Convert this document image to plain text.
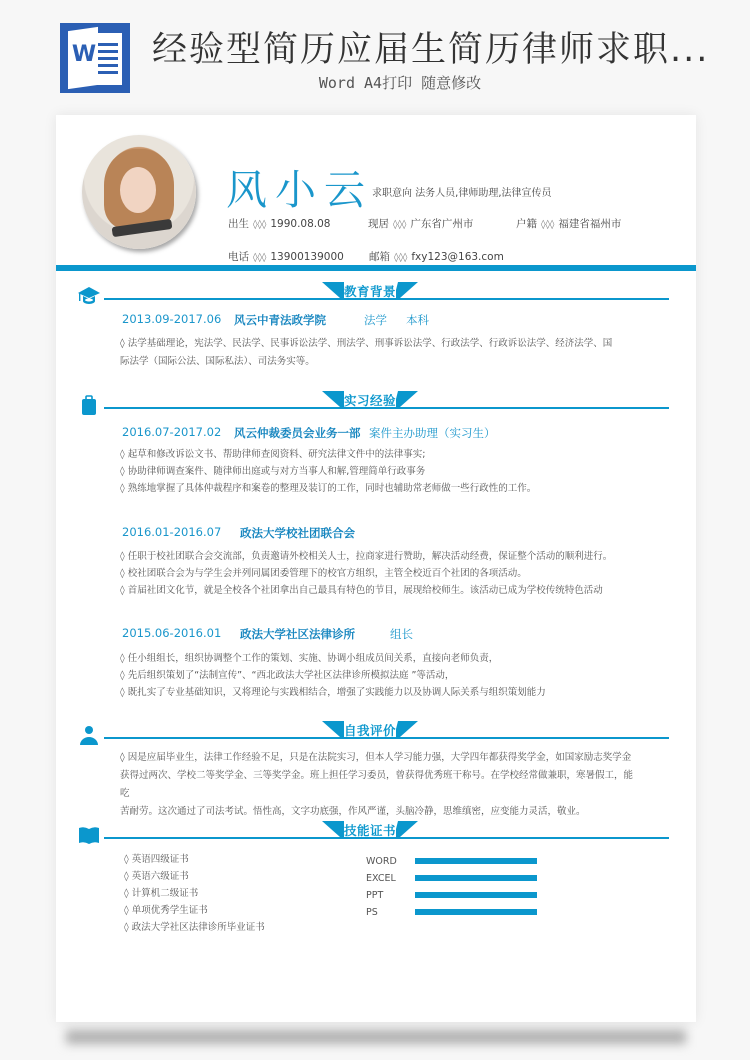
W 经验型简历应届生简历律师求职...
Word A4打印 随意修改
风小云 求职意向 法务人员,律师助理,法律宣传员
出生 ◊◊◊ 1990.08.08	现居 ◊◊◊ 广东省广州市	户籍 ◊◊◊ 福建省福州市
电话 ◊◊◊ 13900139000 邮箱 ◊◊◊ fxy123@163.com
教育背景
2013.09-2017.06 风云中青法政学院	法学 本科
◊ 法学基础理论，宪法学、民法学、民事诉讼法学、刑法学、刑事诉讼法学、行政法学、行政诉讼法学、经济法学、国
际法学（国际公法、国际私法）、司法务实等。
实习经验
2016.07-2017.02 风云仲裁委员会业务一部 案件主办助理（实习生）
◊ 起草和修改诉讼文书、帮助律师查阅资料、研究法律文件中的法律事实;
◊ 协助律师调查案件、随律师出庭或与对方当事人和解,管理简单行政事务
◊ 熟练地掌握了具体仲裁程序和案卷的整理及装订的工作，同时也辅助常老师做一些行政性的工作。
2016.01-2016.07 政法大学校社团联合会
◊ 任职于校社团联合会交流部，负责邀请外校相关人士，拉商家进行赞助，解决活动经费，保证整个活动的顺利进行。
◊ 校社团联合会为与学生会并列同属团委管理下的校官方组织，主管全校近百个社团的各项活动。
◊ 首届社团文化节，就是全校各个社团拿出自己最具有特色的节目，展现给校师生。该活动已成为学校传统特色活动
2015.06-2016.01 政法大学社区法律诊所	组长
◊ 任小组组长，组织协调整个工作的策划、实施、协调小组成员间关系，直接向老师负责，
◊ 先后组织策划了“法制宣传”、“西北政法大学社区法律诊所模拟法庭 ”等活动，
◊ 既扎实了专业基础知识，又将理论与实践相结合，增强了实践能力以及协调人际关系与组织策划能力
自我评价
◊ 因是应届毕业生，法律工作经验不足，只是在法院实习，但本人学习能力强，大学四年都获得奖学金，如国家励志奖学金
获得过两次、学校二等奖学金、三等奖学金。班上担任学习委员，曾获得优秀班干称号。在学校经常做兼职，寒暑假工，能吃
苦耐劳。这次通过了司法考试。悟性高，文字功底强，作风严谨，头脑冷静，思维缜密，应变能力灵活，敬业。
技能证书
◊ 英语四级证书
◊ 英语六级证书
◊ 计算机二级证书
◊ 单项优秀学生证书
◊ 政法大学社区法律诊所毕业证书
WORD
EXCEL
PPT
PS
